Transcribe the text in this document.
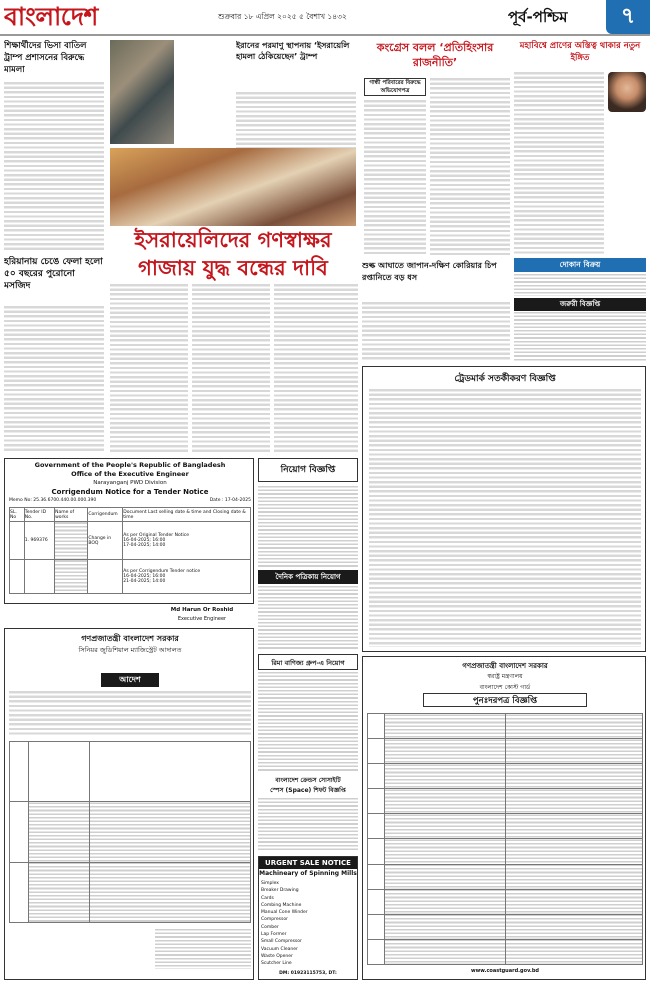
বাংলাদেশ	শুক্রবার ১৮ এপ্রিল ২০২৫ ৫ বৈশাখ ১৪৩২	পূর্ব-পশ্চিম	৭
শিক্ষার্থীদের ভিসা বাতিল ট্রাম্প প্রশাসনের বিরুদ্ধে মামলা
হরিয়ানায় চেঙে ফেলা হলো ৫০ বছরের পুরোনো মসজিদ
ইরানের পরমাণু স্থাপনায় ‘ইসরায়েলি হামলা ঠেকিয়েছেন’ ট্রাম্প
কংগ্রেস বলল ‘প্রতিহিংসার রাজনীতি’
গান্ধী পরিবারের বিরুদ্ধে অভিযোগপত্র
মহাবিশ্বে প্রাণের অস্তিত্ব থাকার নতুন ইঙ্গিত
ইসরায়েলিদের গণস্বাক্ষর
গাজায় যুদ্ধ বন্ধের দাবি	শুল্ক আঘাতে জাপান-দক্ষিণ কোরিয়ার চিপ রপ্তানিতে বড় ধস
দোকান বিক্রয়
জরুরী বিজ্ঞপ্তি
ট্রেডমার্ক সতর্কীকরণ বিজ্ঞপ্তি
Government of the People's Republic of Bangladesh
Office of the Executive Engineer
Narayanganj PWD Division
Corrigendum Notice for a Tender Notice
Memo No: 25.36.6700.440.00.000.390	Date : 17-04-2025
SL. No	Tender ID No.	Name of works	Corrigendum	Document Last selling date & time and Closing date & time
	1. 969376		Change in BOQ	As per Original Tender Notice
16-04-2025; 16:00
17-04-2025; 14:00
				As per Corrigendum Tender notice
16-04-2025; 16:00
21-04-2025; 14:00
Md Harun Or Roshid
Executive Engineer
নিয়োগ বিজ্ঞপ্তি
দৈনিক পত্রিকায় নিয়োগ
রিমা বাণিজ্য গ্রুপ-এ নিয়োগ
বাংলাদেশ ক্রেন্ডস সোসাইটি
স্পেস (Space) শিফট বিজ্ঞপ্তি
URGENT SALE NOTICE
Machineary of Spinning Mills
Simplex
Breaker Drawing
Cards
Combing Machine
Manual Cone Winder
Compressor
Comber
Lap Former
Small Compressor
Vacuum Cleaner
Waste Opener
Scutcher Line
DM: 01923115753, DT:
গণপ্রজাতন্ত্রী বাংলাদেশ সরকার
সিনিয়র জুডিশিয়াল ম্যাজিস্ট্রেট আদালত
আদেশ

গণপ্রজাতন্ত্রী বাংলাদেশ সরকার
স্বরাষ্ট্র মন্ত্রণালয়
বাংলাদেশ কোস্ট গার্ড
পুনঃদরপত্র বিজ্ঞপ্তি

www.coastguard.gov.bd
